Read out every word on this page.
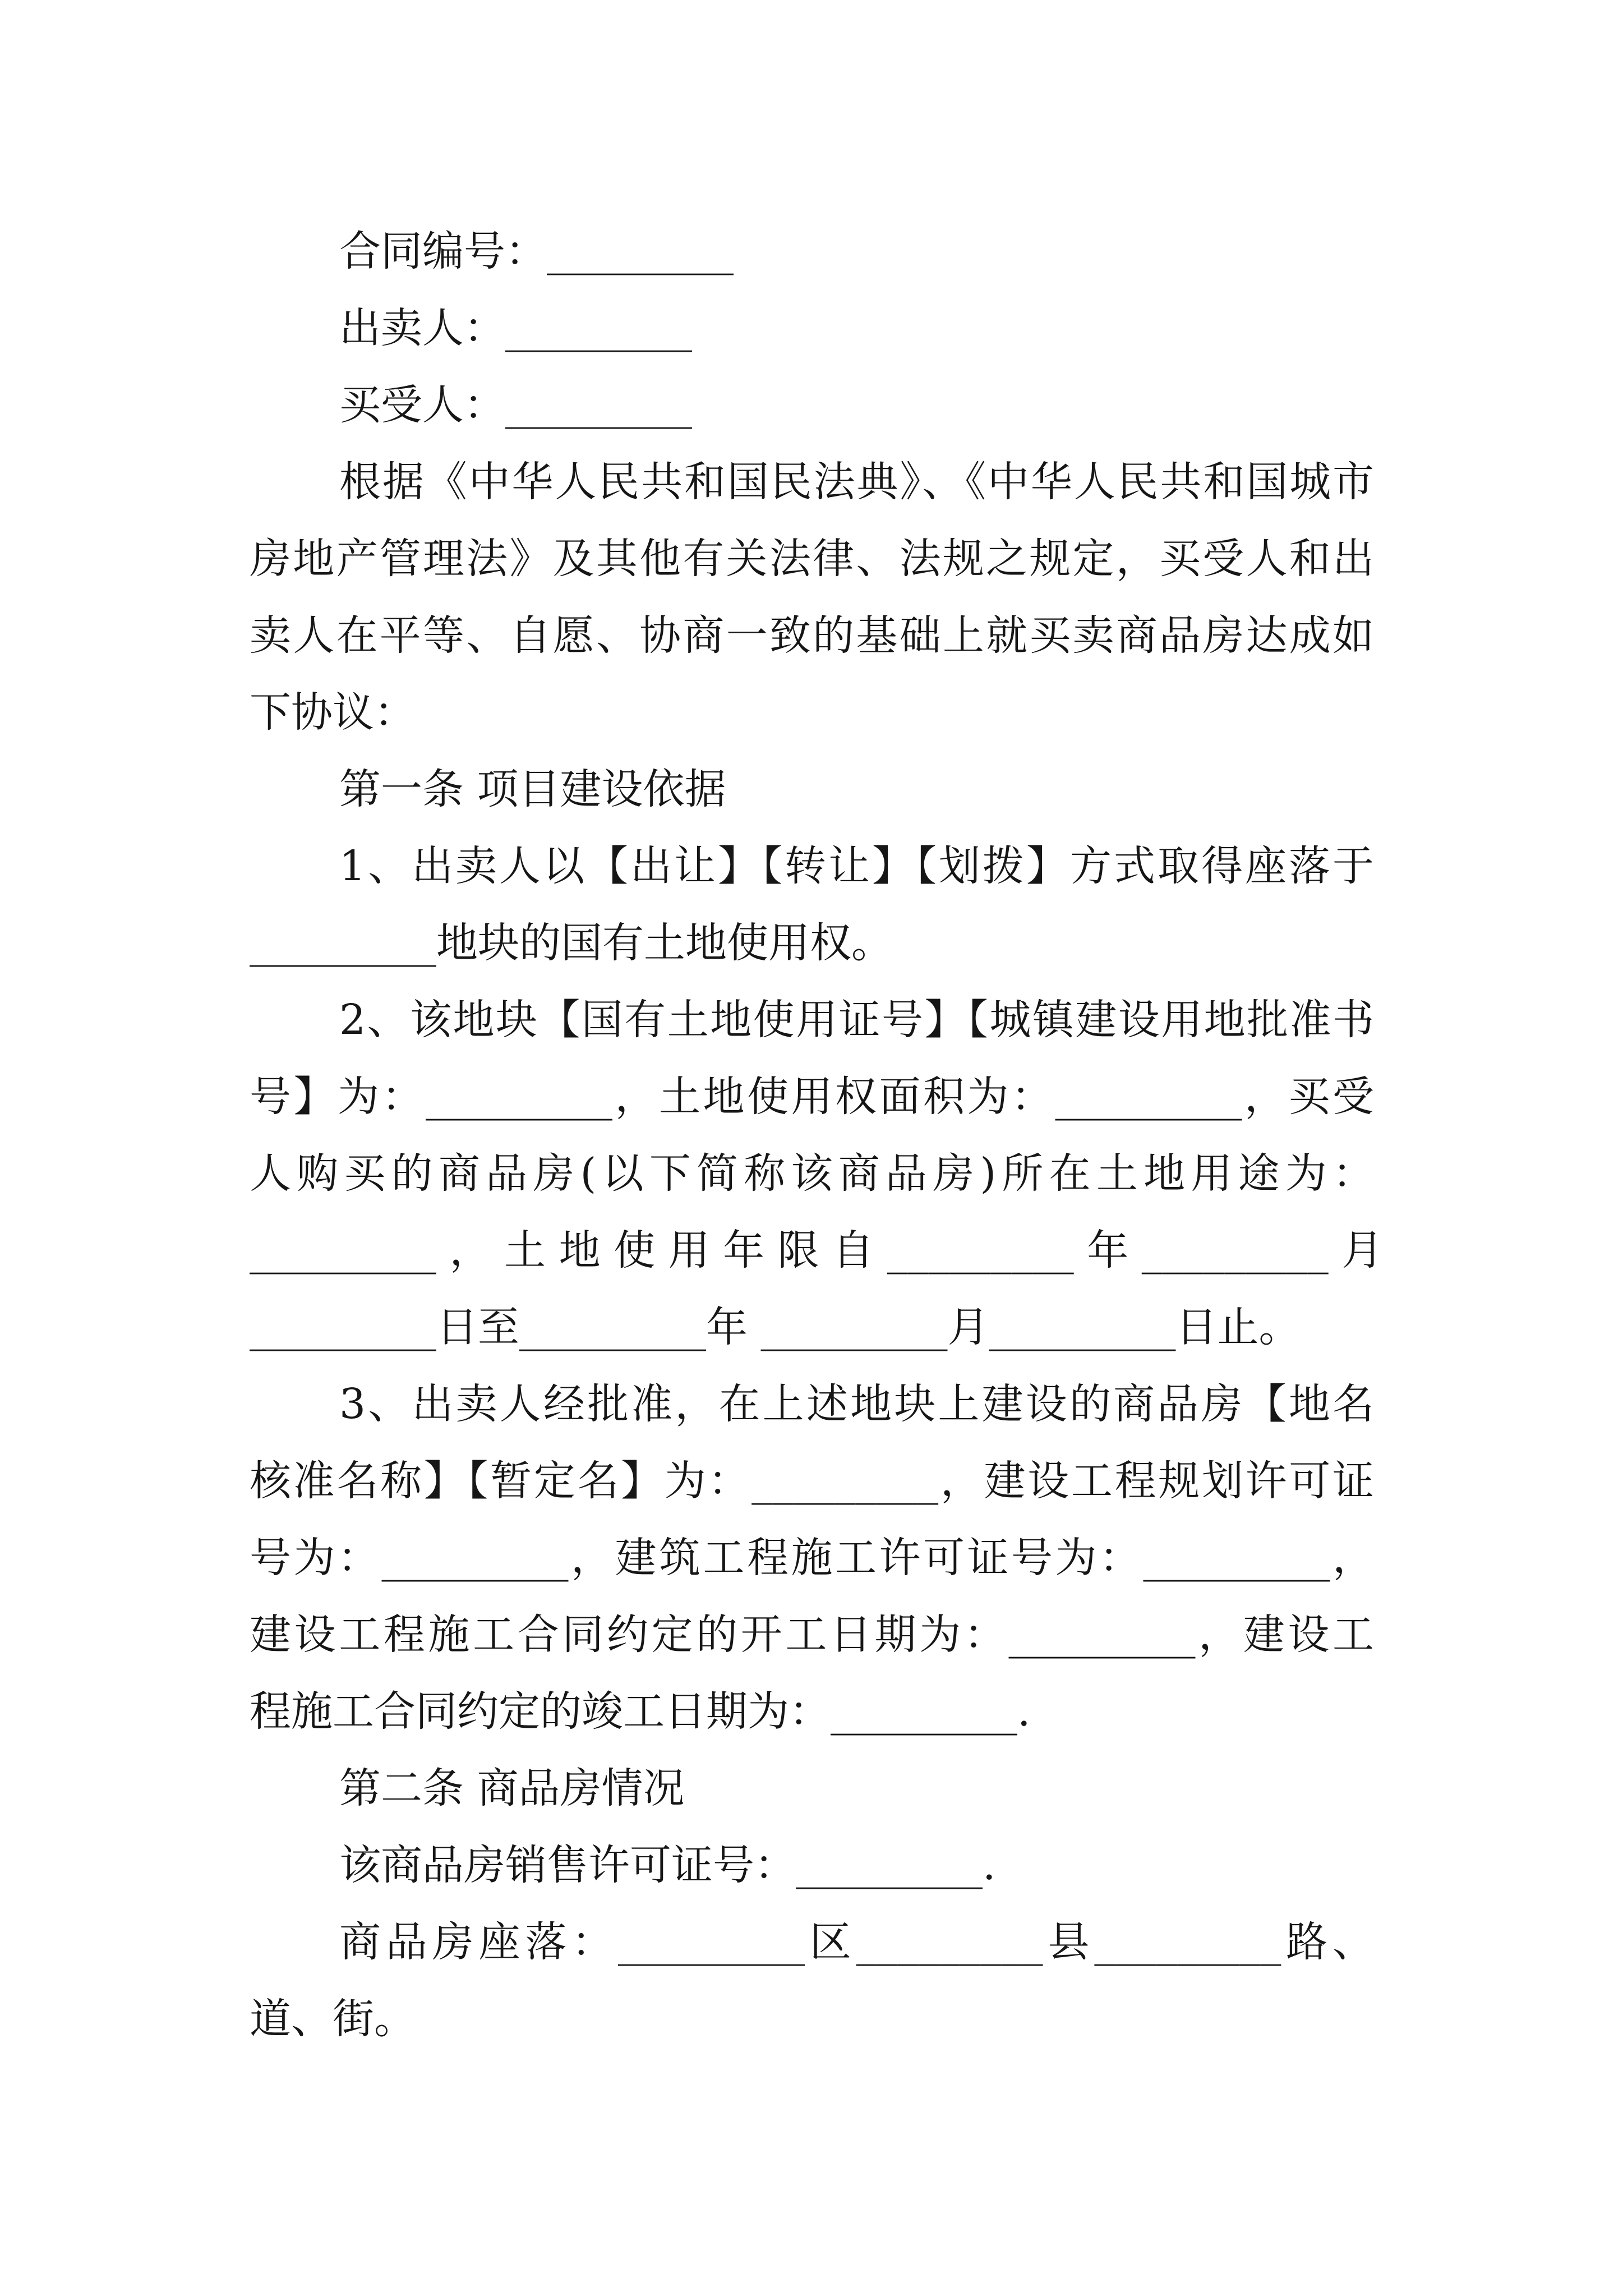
合同编号：_________
出卖人：_________
买受人：_________
根据《中华人民共和国民法典》、《中华人民共和国城市
房地产管理法》及其他有关法律、法规之规定，买受人和出
卖人在平等、自愿、协商一致的基础上就买卖商品房达成如
下协议：
第一条 项目建设依据
1、出卖人以【出让】【转让】【划拨】方式取得座落于
_________地块的国有土地使用权。
2、该地块【国有土地使用证号】【城镇建设用地批准书
号】为：_________，土地使用权面积为：_________，买受
人购买的商品房(以下简称该商品房)所在土地用途为：
_________ ， 土 地 使 用 年 限 自 _________ 年 _________ 月
_________日至_________年 _________月_________日止。
3、出卖人经批准，在上述地块上建设的商品房【地名
核准名称】【暂定名】为：_________，建设工程规划许可证
号为：_________，建筑工程施工许可证号为：_________，
建设工程施工合同约定的开工日期为：_________，建设工
程施工合同约定的竣工日期为：_________.
第二条 商品房情况
该商品房销售许可证号：_________.
商品房座落：_________区_________县_________路、
道、街。
